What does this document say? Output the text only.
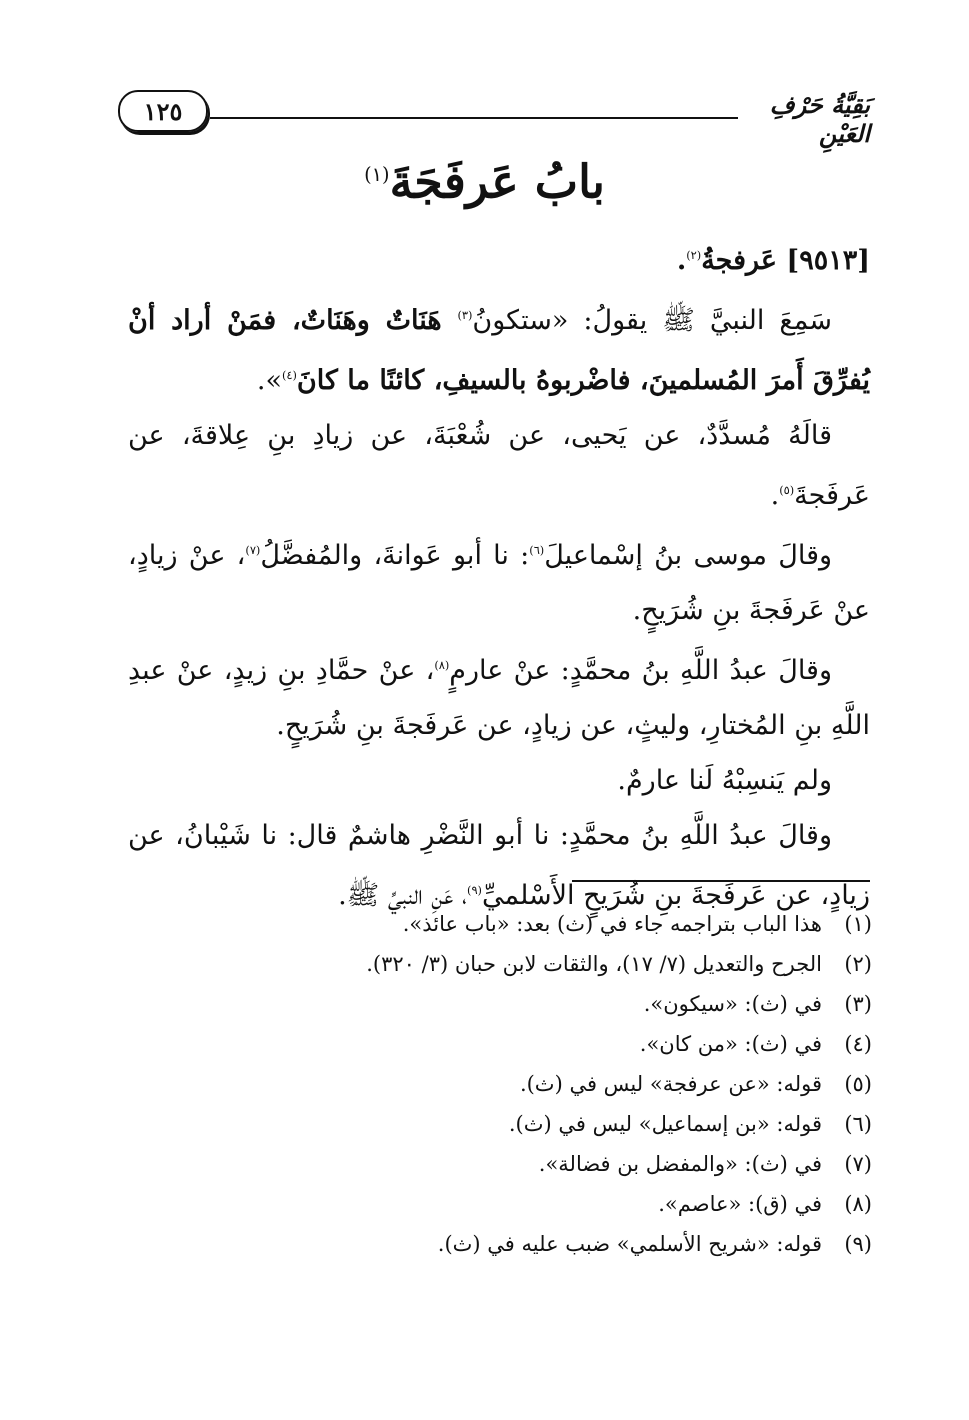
١٢٥	بَقِيَّةُ حَرْفِ العَيْنِ
بابُ عَرفَجَةَ$^{(١)}$

[٩٥١٣] عَرفجةُ$^{(٢)}$.

سَمِعَ النبيَّ ﷺ يقولُ: «ستكونُ$^{(٣)}$ هَنَاتٌ وهَنَاتٌ، فمَنْ أراد أنْ يُفرِّقَ أَمرَ المُسلمينَ، فاضْربوهُ بالسيفِ، كائنًا ما كانَ$^{(٤)}$».

قالَهُ مُسدَّدٌ، عن يَحيى، عن شُعْبَةَ، عن زيادِ بنِ عِلاقةَ، عن عَرفَجةَ$^{(٥)}$.

وقالَ موسى بنُ إسْماعيلَ$^{(٦)}$: نا أبو عَوانةَ، والمُفضَّلُ$^{(٧)}$، عنْ زيادٍ، عنْ عَرفَجةَ بنِ شُرَيحٍ.

وقالَ عبدُ اللَّهِ بنُ محمَّدٍ: عنْ عارمٍ$^{(٨)}$، عنْ حمَّادِ بنِ زيدٍ، عنْ عبدِ اللَّهِ بنِ المُختارِ، وليثٍ، عن زيادٍ، عن عَرفَجةَ بنِ شُرَيحٍ.

ولم يَنسِبْهُ لَنا عارمٌ.

وقالَ عبدُ اللَّهِ بنُ محمَّدٍ: نا أبو النَّضْرِ هاشمٌ قال: نا شَيْبانُ، عن زيادٍ، عن عَرفَجةَ بنِ شُرَيحٍ الأَسْلميِّ$^{(٩)}$، عَنِ النبيِّ ﷺ.

(١)
هذا الباب بتراجمه جاء في (ث) بعد: «باب عائذ».
(٢)
الجرح والتعديل (٧/ ١٧)، والثقات لابن حبان (٣/ ٣٢٠).
(٣)
في (ث): «سيكون».
(٤)
في (ث): «من كان».
(٥)
قوله: «عن عرفجة» ليس في (ث).
(٦)
قوله: «بن إسماعيل» ليس في (ث).
(٧)
في (ث): «والمفضل بن فضالة».
(٨)
في (ق): «عاصم».
(٩)
قوله: «شريح الأسلمي» ضبب عليه في (ث).
